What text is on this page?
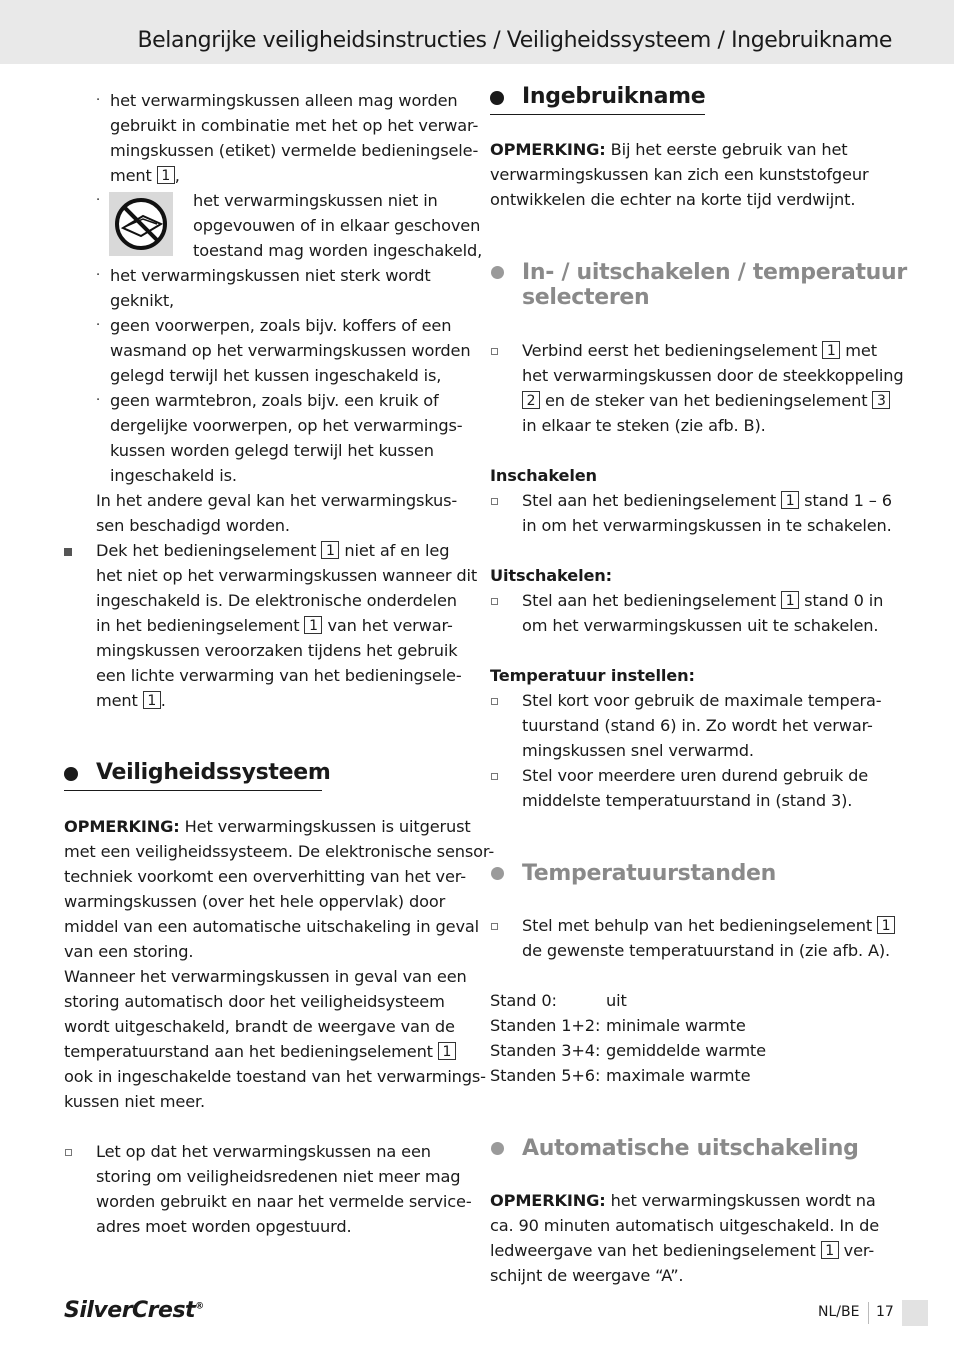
Belangrijke veiligheidsinstructies / Veiligheidssysteem / Ingebruikname
· het verwarmingskussen alleen mag worden
gebruikt in combinatie met het op het verwar-
mingskussen (etiket) vermelde bedieningsele-
ment 1 ,
·	het verwarmingskussen niet in
opgevouwen of in elkaar geschoven
toestand mag worden ingeschakeld,
· het verwarmingskussen niet sterk wordt
geknikt,
· geen voorwerpen, zoals bijv. koffers of een
wasmand op het verwarmingskussen worden
gelegd terwijl het kussen ingeschakeld is,
· geen warmtebron, zoals bijv. een kruik of
dergelijke voorwerpen, op het verwarmings-
kussen worden gelegd terwijl het kussen
ingeschakeld is.
In het andere geval kan het verwarmingskus-
sen beschadigd worden.
Dek het bedieningselement 1 niet af en leg
het niet op het verwarmingskussen wanneer dit
ingeschakeld is. De elektronische onderdelen
in het bedieningselement 1 van het verwar-
mingskussen veroorzaken tijdens het gebruik
een lichte verwarming van het bedieningsele-
ment 1 .
Veiligheidssysteem
OPMERKING: Het verwarmingskussen is uitgerust
met een veiligheidssysteem. De elektronische sensor-
techniek voorkomt een oververhitting van het ver-
warmingskussen (over het hele oppervlak) door
middel van een automatische uitschakeling in geval
van een storing.
Wanneer het verwarmingskussen in geval van een
storing automatisch door het veiligheidsysteem
wordt uitgeschakeld, brandt de weergave van de
temperatuurstand aan het bedieningselement 1
ook in ingeschakelde toestand van het verwarmings-
kussen niet meer.
Let op dat het verwarmingskussen na een
storing om veiligheidsredenen niet meer mag
worden gebruikt en naar het vermelde service-
adres moet worden opgestuurd.
Ingebruikname
OPMERKING: Bij het eerste gebruik van het
verwarmingskussen kan zich een kunststofgeur
ontwikkelen die echter na korte tijd verdwijnt.
In- / uitschakelen / temperatuur
selecteren
Verbind eerst het bedieningselement 1 met
het verwarmingskussen door de steekkoppeling
2 en de steker van het bedieningselement 3
in elkaar te steken (zie afb. B).
Inschakelen
Stel aan het bedieningselement 1 stand 1 – 6
in om het verwarmingskussen in te schakelen.
Uitschakelen:
Stel aan het bedieningselement 1 stand 0 in
om het verwarmingskussen uit te schakelen.
Temperatuur instellen:
Stel kort voor gebruik de maximale tempera-
tuurstand (stand 6) in. Zo wordt het verwar-
mingskussen snel verwarmd.
Stel voor meerdere uren durend gebruik de
middelste temperatuurstand in (stand 3).
Temperatuurstanden
Stel met behulp van het bedieningselement 1
de gewenste temperatuurstand in (zie afb. A).
Stand 0:	uit
Standen 1+2: minimale warmte
Standen 3+4: gemiddelde warmte
Standen 5+6: maximale warmte
Automatische uitschakeling
OPMERKING: het verwarmingskussen wordt na
ca. 90 minuten automatisch uitgeschakeld. In de
ledweergave van het bedieningselement 1 ver-
schijnt de weergave “A”.
SilverCrest®	NL/BE 17
